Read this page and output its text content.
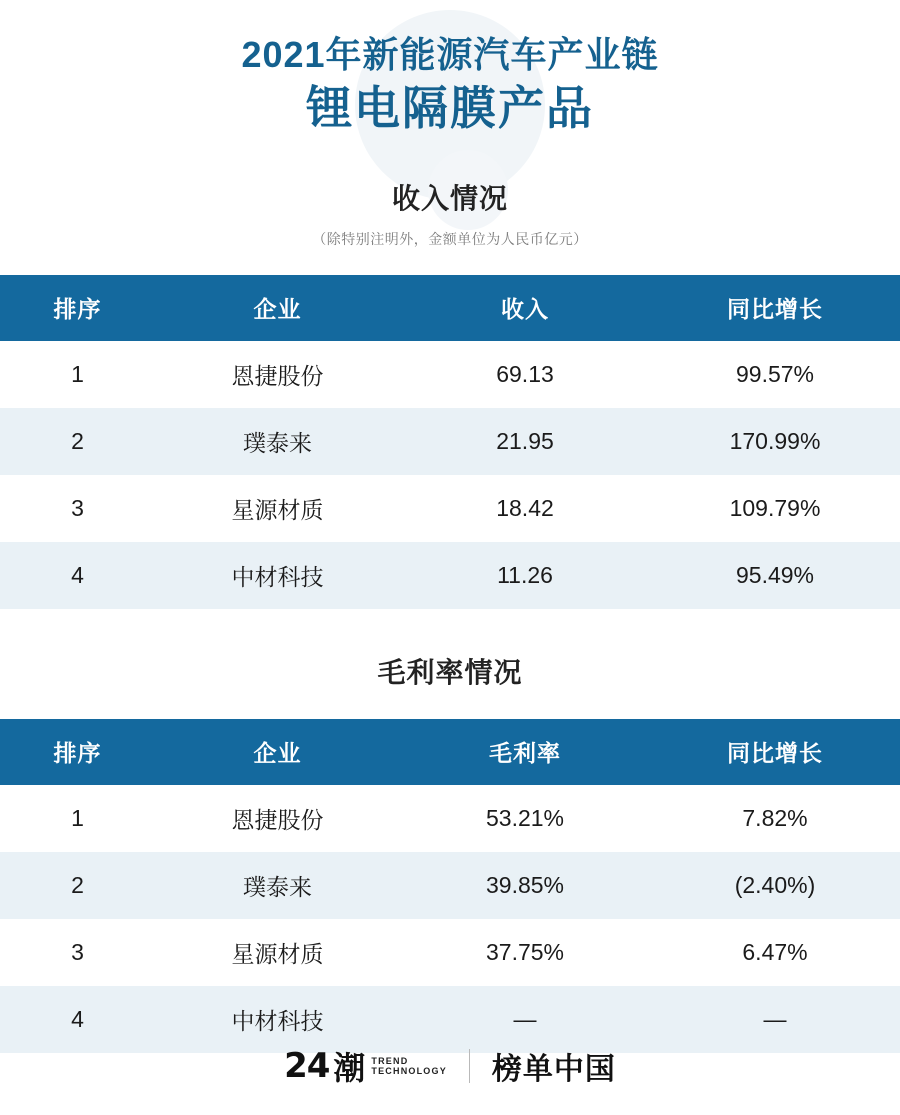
2021年新能源汽车产业链
锂电隔膜产品
收入情况
（除特别注明外，金额单位为人民币亿元）
排序	企业	收入	同比增长
1	恩捷股份	69.13	99.57%
2	璞泰来	21.95	170.99%
3	星源材质	18.42	109.79%
4	中材科技	11.26	95.49%
毛利率情况
排序	企业	毛利率	同比增长
1	恩捷股份	53.21%	7.82%
2	璞泰来	39.85%	(2.40%)
3	星源材质	37.75%	6.47%
4	中材科技	—	—
24 潮 TREND
TECHNOLOGY 榜单中国
